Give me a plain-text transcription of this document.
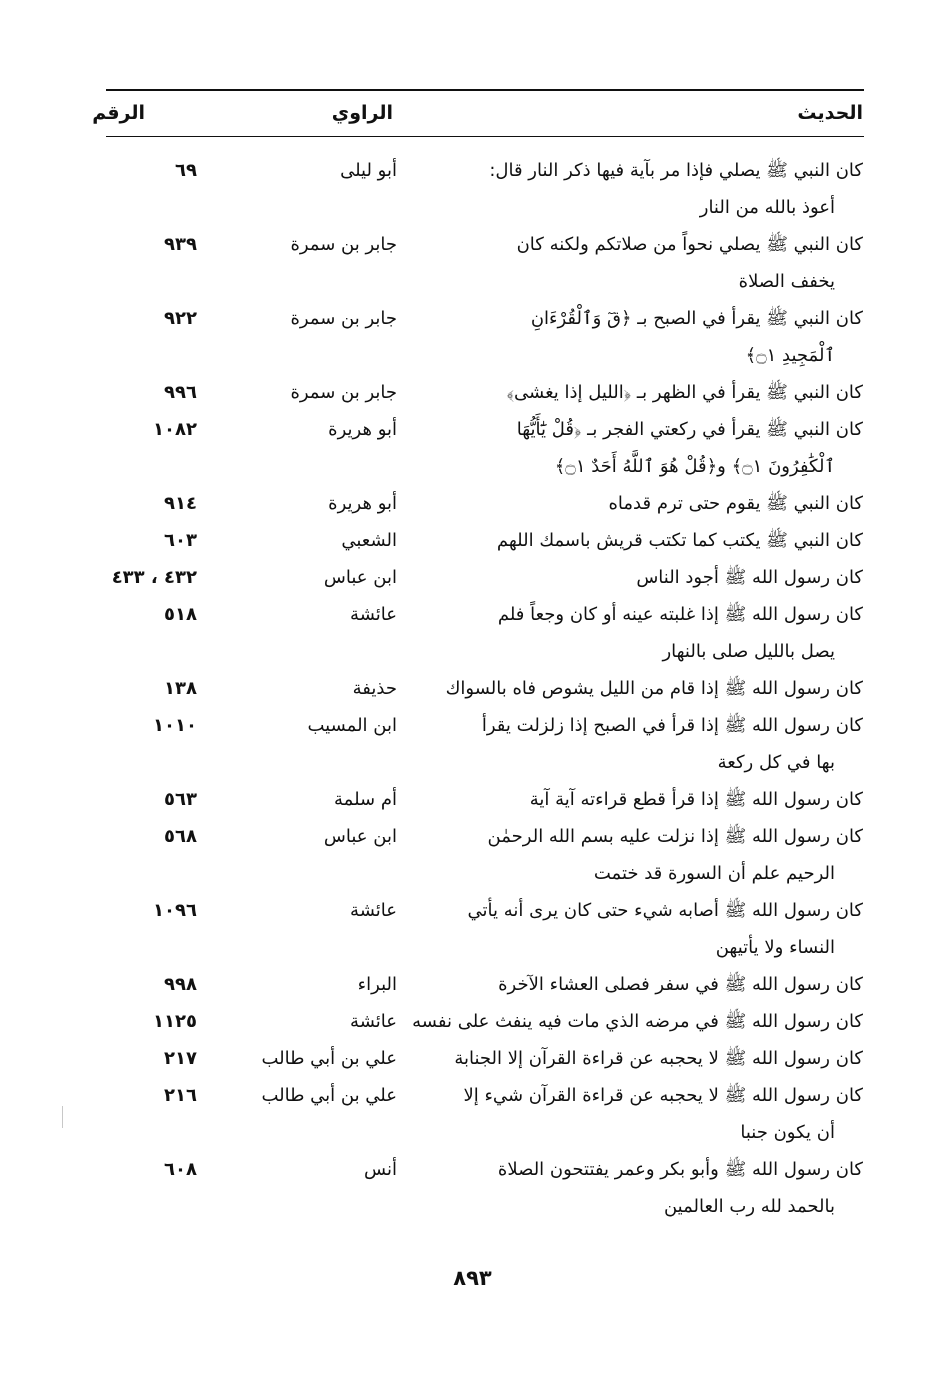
الحديث
الراوي
الرقم
كان النبي ﷺ يصلي فإذا مر بآية فيها ذكر النار قال:
أعوذ بالله من النار
أبو ليلى
٦٩
كان النبي ﷺ يصلي نحواً من صلاتكم ولكنه كان
يخفف الصلاة
جابر بن سمرة
٩٣٩
كان النبي ﷺ يقرأ في الصبح بـ ﴿قٓ وَٱلْقُرْءَانِ
ٱلْمَجِيدِ ۝١﴾
جابر بن سمرة
٩٢٢
كان النبي ﷺ يقرأ في الظهر بـ ﴿الليل إذا يغشى﴾
جابر بن سمرة
٩٩٦
كان النبي ﷺ يقرأ في ركعتي الفجر بـ ﴿قُلْ يَٰٓأَيُّهَا
ٱلْكَٰفِرُونَ ۝١﴾ و﴿قُلْ هُوَ ٱللَّهُ أَحَدٌ ۝١﴾
أبو هريرة
١٠٨٢
كان النبي ﷺ يقوم حتى ترم قدماه
أبو هريرة
٩١٤
كان النبي ﷺ يكتب كما تكتب قريش باسمك اللهم
الشعبي
٦٠٣
كان رسول الله ﷺ أجود الناس
ابن عباس
٤٣٢ ، ٤٣٣
كان رسول الله ﷺ إذا غلبته عينه أو كان وجعاً فلم
يصل بالليل صلى بالنهار
عائشة
٥١٨
كان رسول الله ﷺ إذا قام من الليل يشوص فاه بالسواك
حذيفة
١٣٨
كان رسول الله ﷺ إذا قرأ في الصبح إذا زلزلت يقرأ
بها في كل ركعة
ابن المسيب
١٠١٠
كان رسول الله ﷺ إذا قرأ قطع قراءته آية آية
أم سلمة
٥٦٣
كان رسول الله ﷺ إذا نزلت عليه بسم الله الرحمٰن
الرحيم علم أن السورة قد ختمت
ابن عباس
٥٦٨
كان رسول الله ﷺ أصابه شيء حتى كان يرى أنه يأتي
النساء ولا يأتيهن
عائشة
١٠٩٦
كان رسول الله ﷺ في سفر فصلى العشاء الآخرة
البراء
٩٩٨
كان رسول الله ﷺ في مرضه الذي مات فيه ينفث على نفسه
عائشة
١١٢٥
كان رسول الله ﷺ لا يحجبه عن قراءة القرآن إلا الجنابة
علي بن أبي طالب
٢١٧
كان رسول الله ﷺ لا يحجبه عن قراءة القرآن شيء إلا
أن يكون جنبا
علي بن أبي طالب
٢١٦
كان رسول الله ﷺ وأبو بكر وعمر يفتتحون الصلاة
بالحمد لله رب العالمين
أنس
٦٠٨
٨٩٣
